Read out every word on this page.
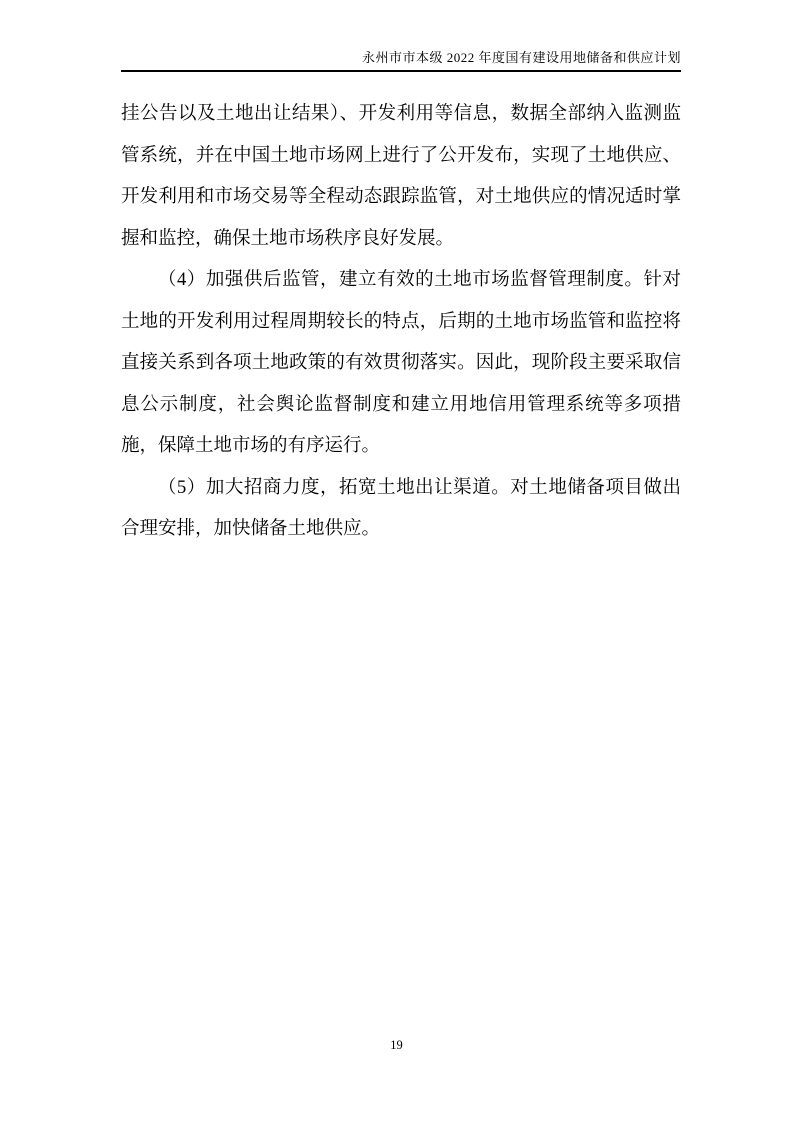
永州市市本级 2022 年度国有建设用地储备和供应计划
挂公告以及土地出让结果）、开发利用等信息，数据全部纳入监测监
管系统，并在中国土地市场网上进行了公开发布，实现了土地供应、
开发利用和市场交易等全程动态跟踪监管，对土地供应的情况适时掌
握和监控，确保土地市场秩序良好发展。
（4）加强供后监管，建立有效的土地市场监督管理制度。针对
土地的开发利用过程周期较长的特点，后期的土地市场监管和监控将
直接关系到各项土地政策的有效贯彻落实。因此，现阶段主要采取信
息公示制度，社会舆论监督制度和建立用地信用管理系统等多项措
施，保障土地市场的有序运行。
（5）加大招商力度，拓宽土地出让渠道。对土地储备项目做出
合理安排，加快储备土地供应。
19
